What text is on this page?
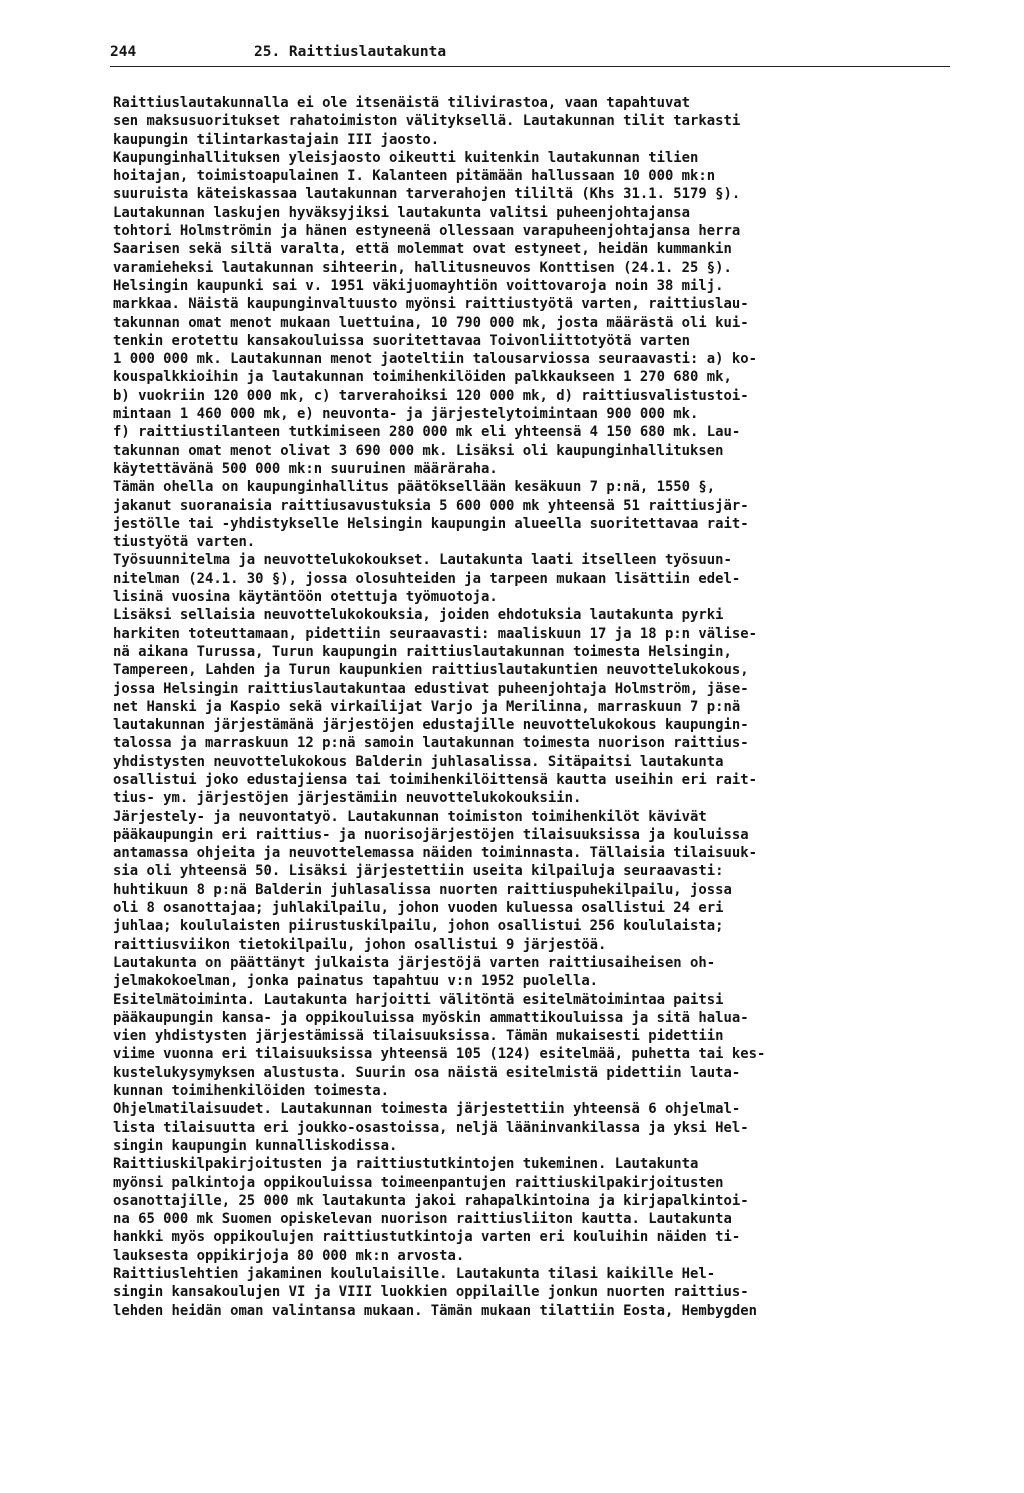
244	25. Raittiuslautakunta
Raittiuslautakunnalla ei ole itsenäistä tilivirastoa, vaan tapahtuvat
sen maksusuoritukset rahatoimiston välityksellä. Lautakunnan tilit tarkasti
kaupungin tilintarkastajain III jaosto.
Kaupunginhallituksen yleisjaosto oikeutti kuitenkin lautakunnan tilien
hoitajan, toimistoapulainen I. Kalanteen pitämään hallussaan 10 000 mk:n
suuruista käteiskassaa lautakunnan tarverahojen tililtä (Khs 31.1. 5179 §).
Lautakunnan laskujen hyväksyjiksi lautakunta valitsi puheenjohtajansa
tohtori Holmströmin ja hänen estyneenä ollessaan varapuheenjohtajansa herra
Saarisen sekä siltä varalta, että molemmat ovat estyneet, heidän kummankin
varamieheksi lautakunnan sihteerin, hallitusneuvos Konttisen (24.1. 25 §).
Helsingin kaupunki sai v. 1951 väkijuomayhtiön voittovaroja noin 38 milj.
markkaa. Näistä kaupunginvaltuusto myönsi raittiustyötä varten, raittiuslau-
takunnan omat menot mukaan luettuina, 10 790 000 mk, josta määrästä oli kui-
tenkin erotettu kansakouluissa suoritettavaa Toivonliittotyötä varten
1 000 000 mk. Lautakunnan menot jaoteltiin talousarviossa seuraavasti: a) ko-
kouspalkkioihin ja lautakunnan toimihenkilöiden palkkaukseen 1 270 680 mk,
b) vuokriin 120 000 mk, c) tarverahoiksi 120 000 mk, d) raittiusvalistustoi-
mintaan 1 460 000 mk, e) neuvonta- ja järjestelytoimintaan 900 000 mk.
f) raittiustilanteen tutkimiseen 280 000 mk eli yhteensä 4 150 680 mk. Lau-
takunnan omat menot olivat 3 690 000 mk. Lisäksi oli kaupunginhallituksen
käytettävänä 500 000 mk:n suuruinen määräraha.
Tämän ohella on kaupunginhallitus päätöksellään kesäkuun 7 p:nä, 1550 §,
jakanut suoranaisia raittiusavustuksia 5 600 000 mk yhteensä 51 raittiusjär-
jestölle tai -yhdistykselle Helsingin kaupungin alueella suoritettavaa rait-
tiustyötä varten.
Työsuunnitelma ja neuvottelukokoukset. Lautakunta laati itselleen työsuun-
nitelman (24.1. 30 §), jossa olosuhteiden ja tarpeen mukaan lisättiin edel-
lisinä vuosina käytäntöön otettuja työmuotoja.
Lisäksi sellaisia neuvottelukokouksia, joiden ehdotuksia lautakunta pyrki
harkiten toteuttamaan, pidettiin seuraavasti: maaliskuun 17 ja 18 p:n välise-
nä aikana Turussa, Turun kaupungin raittiuslautakunnan toimesta Helsingin,
Tampereen, Lahden ja Turun kaupunkien raittiuslautakuntien neuvottelukokous,
jossa Helsingin raittiuslautakuntaa edustivat puheenjohtaja Holmström, jäse-
net Hanski ja Kaspio sekä virkailijat Varjo ja Merilinna, marraskuun 7 p:nä
lautakunnan järjestämänä järjestöjen edustajille neuvottelukokous kaupungin-
talossa ja marraskuun 12 p:nä samoin lautakunnan toimesta nuorison raittius-
yhdistysten neuvottelukokous Balderin juhlasalissa. Sitäpaitsi lautakunta
osallistui joko edustajiensa tai toimihenkilöittensä kautta useihin eri rait-
tius- ym. järjestöjen järjestämiin neuvottelukokouksiin.
Järjestely- ja neuvontatyö. Lautakunnan toimiston toimihenkilöt kävivät
pääkaupungin eri raittius- ja nuorisojärjestöjen tilaisuuksissa ja kouluissa
antamassa ohjeita ja neuvottelemassa näiden toiminnasta. Tällaisia tilaisuuk-
sia oli yhteensä 50. Lisäksi järjestettiin useita kilpailuja seuraavasti:
huhtikuun 8 p:nä Balderin juhlasalissa nuorten raittiuspuhekilpailu, jossa
oli 8 osanottajaa; juhlakilpailu, johon vuoden kuluessa osallistui 24 eri
juhlaa; koululaisten piirustuskilpailu, johon osallistui 256 koululaista;
raittiusviikon tietokilpailu, johon osallistui 9 järjestöä.
Lautakunta on päättänyt julkaista järjestöjä varten raittiusaiheisen oh-
jelmakokoelman, jonka painatus tapahtuu v:n 1952 puolella.
Esitelmätoiminta. Lautakunta harjoitti välitöntä esitelmätoimintaa paitsi
pääkaupungin kansa- ja oppikouluissa myöskin ammattikouluissa ja sitä halua-
vien yhdistysten järjestämissä tilaisuuksissa. Tämän mukaisesti pidettiin
viime vuonna eri tilaisuuksissa yhteensä 105 (124) esitelmää, puhetta tai kes-
kustelukysymyksen alustusta. Suurin osa näistä esitelmistä pidettiin lauta-
kunnan toimihenkilöiden toimesta.
Ohjelmatilaisuudet. Lautakunnan toimesta järjestettiin yhteensä 6 ohjelmal-
lista tilaisuutta eri joukko-osastoissa, neljä lääninvankilassa ja yksi Hel-
singin kaupungin kunnalliskodissa.
Raittiuskilpakirjoitusten ja raittiustutkintojen tukeminen. Lautakunta
myönsi palkintoja oppikouluissa toimeenpantujen raittiuskilpakirjoitusten
osanottajille, 25 000 mk lautakunta jakoi rahapalkintoina ja kirjapalkintoi-
na 65 000 mk Suomen opiskelevan nuorison raittiusliiton kautta. Lautakunta
hankki myös oppikoulujen raittiustutkintoja varten eri kouluihin näiden ti-
lauksesta oppikirjoja 80 000 mk:n arvosta.
Raittiuslehtien jakaminen koululaisille. Lautakunta tilasi kaikille Hel-
singin kansakoulujen VI ja VIII luokkien oppilaille jonkun nuorten raittius-
lehden heidän oman valintansa mukaan. Tämän mukaan tilattiin Eosta, Hembygden
